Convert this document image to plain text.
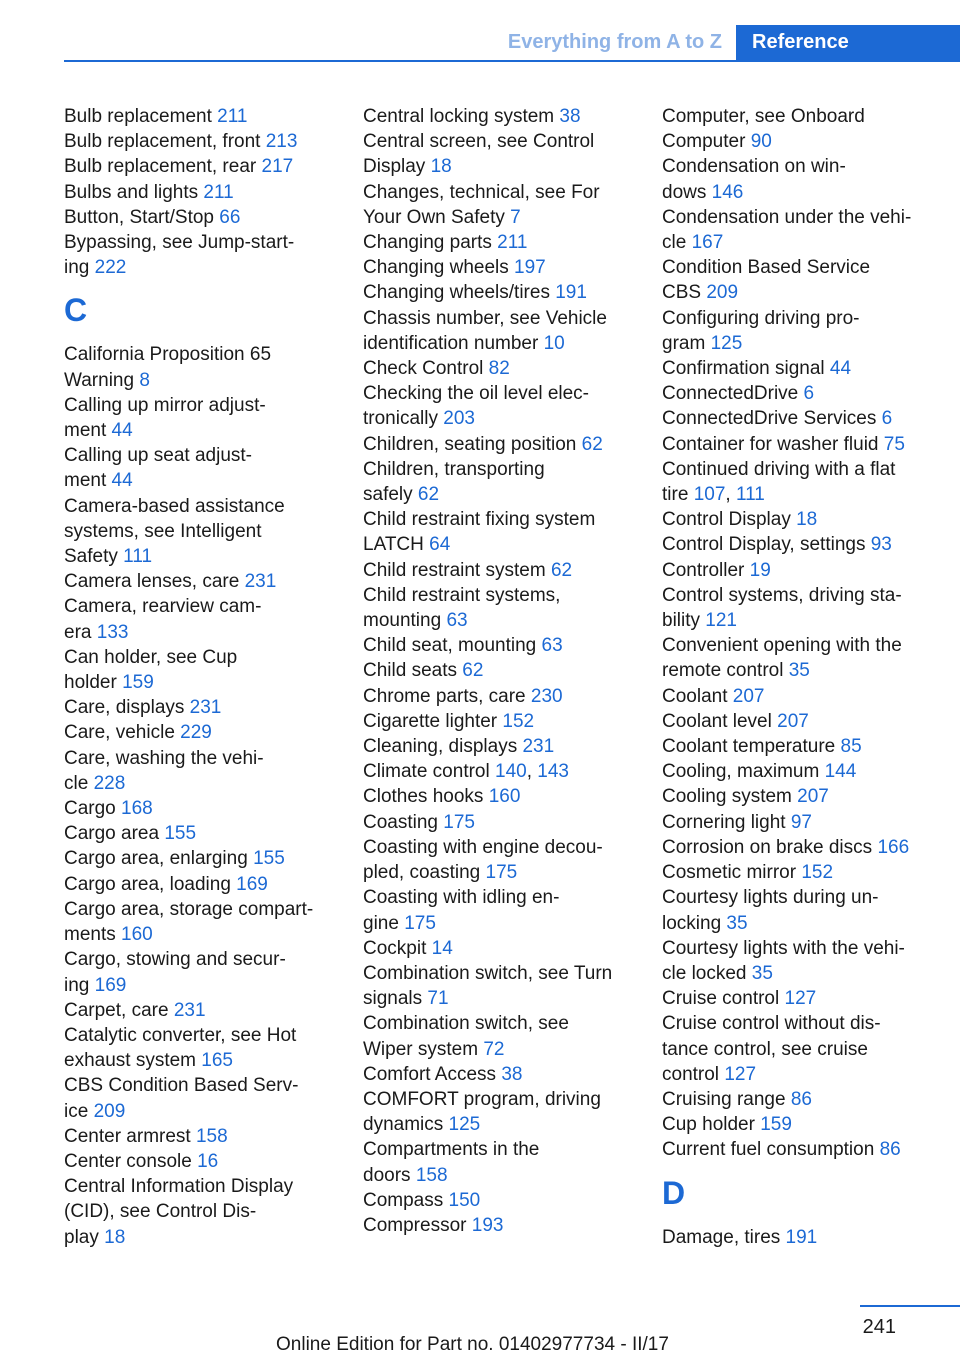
Everything from A to Z Reference
Bulb replacement 211
Bulb replacement, front 213
Bulb replacement, rear 217
Bulbs and lights 211
Button, Start/Stop 66
Bypassing, see Jump-start-
ing 222
C
California Proposition 65
Warning 8
Calling up mirror adjust-
ment 44
Calling up seat adjust-
ment 44
Camera-based assistance
systems, see Intelligent
Safety 111
Camera lenses, care 231
Camera, rearview cam-
era 133
Can holder, see Cup
holder 159
Care, displays 231
Care, vehicle 229
Care, washing the vehi-
cle 228
Cargo 168
Cargo area 155
Cargo area, enlarging 155
Cargo area, loading 169
Cargo area, storage compart-
ments 160
Cargo, stowing and secur-
ing 169
Carpet, care 231
Catalytic converter, see Hot
exhaust system 165
CBS Condition Based Serv-
ice 209
Center armrest 158
Center console 16
Central Information Display
(CID), see Control Dis-
play 18
Central locking system 38
Central screen, see Control
Display 18
Changes, technical, see For
Your Own Safety 7
Changing parts 211
Changing wheels 197
Changing wheels/tires 191
Chassis number, see Vehicle
identification number 10
Check Control 82
Checking the oil level elec-
tronically 203
Children, seating position 62
Children, transporting
safely 62
Child restraint fixing system
LATCH 64
Child restraint system 62
Child restraint systems,
mounting 63
Child seat, mounting 63
Child seats 62
Chrome parts, care 230
Cigarette lighter 152
Cleaning, displays 231
Climate control 140, 143
Clothes hooks 160
Coasting 175
Coasting with engine decou-
pled, coasting 175
Coasting with idling en-
gine 175
Cockpit 14
Combination switch, see Turn
signals 71
Combination switch, see
Wiper system 72
Comfort Access 38
COMFORT program, driving
dynamics 125
Compartments in the
doors 158
Compass 150
Compressor 193
Computer, see Onboard
Computer 90
Condensation on win-
dows 146
Condensation under the vehi-
cle 167
Condition Based Service
CBS 209
Configuring driving pro-
gram 125
Confirmation signal 44
ConnectedDrive 6
ConnectedDrive Services 6
Container for washer fluid 75
Continued driving with a flat
tire 107, 111
Control Display 18
Control Display, settings 93
Controller 19
Control systems, driving sta-
bility 121
Convenient opening with the
remote control 35
Coolant 207
Coolant level 207
Coolant temperature 85
Cooling, maximum 144
Cooling system 207
Cornering light 97
Corrosion on brake discs 166
Cosmetic mirror 152
Courtesy lights during un-
locking 35
Courtesy lights with the vehi-
cle locked 35
Cruise control 127
Cruise control without dis-
tance control, see cruise
control 127
Cruising range 86
Cup holder 159
Current fuel consumption 86
D
Damage, tires 191
241
Online Edition for Part no. 01402977734 - II/17
